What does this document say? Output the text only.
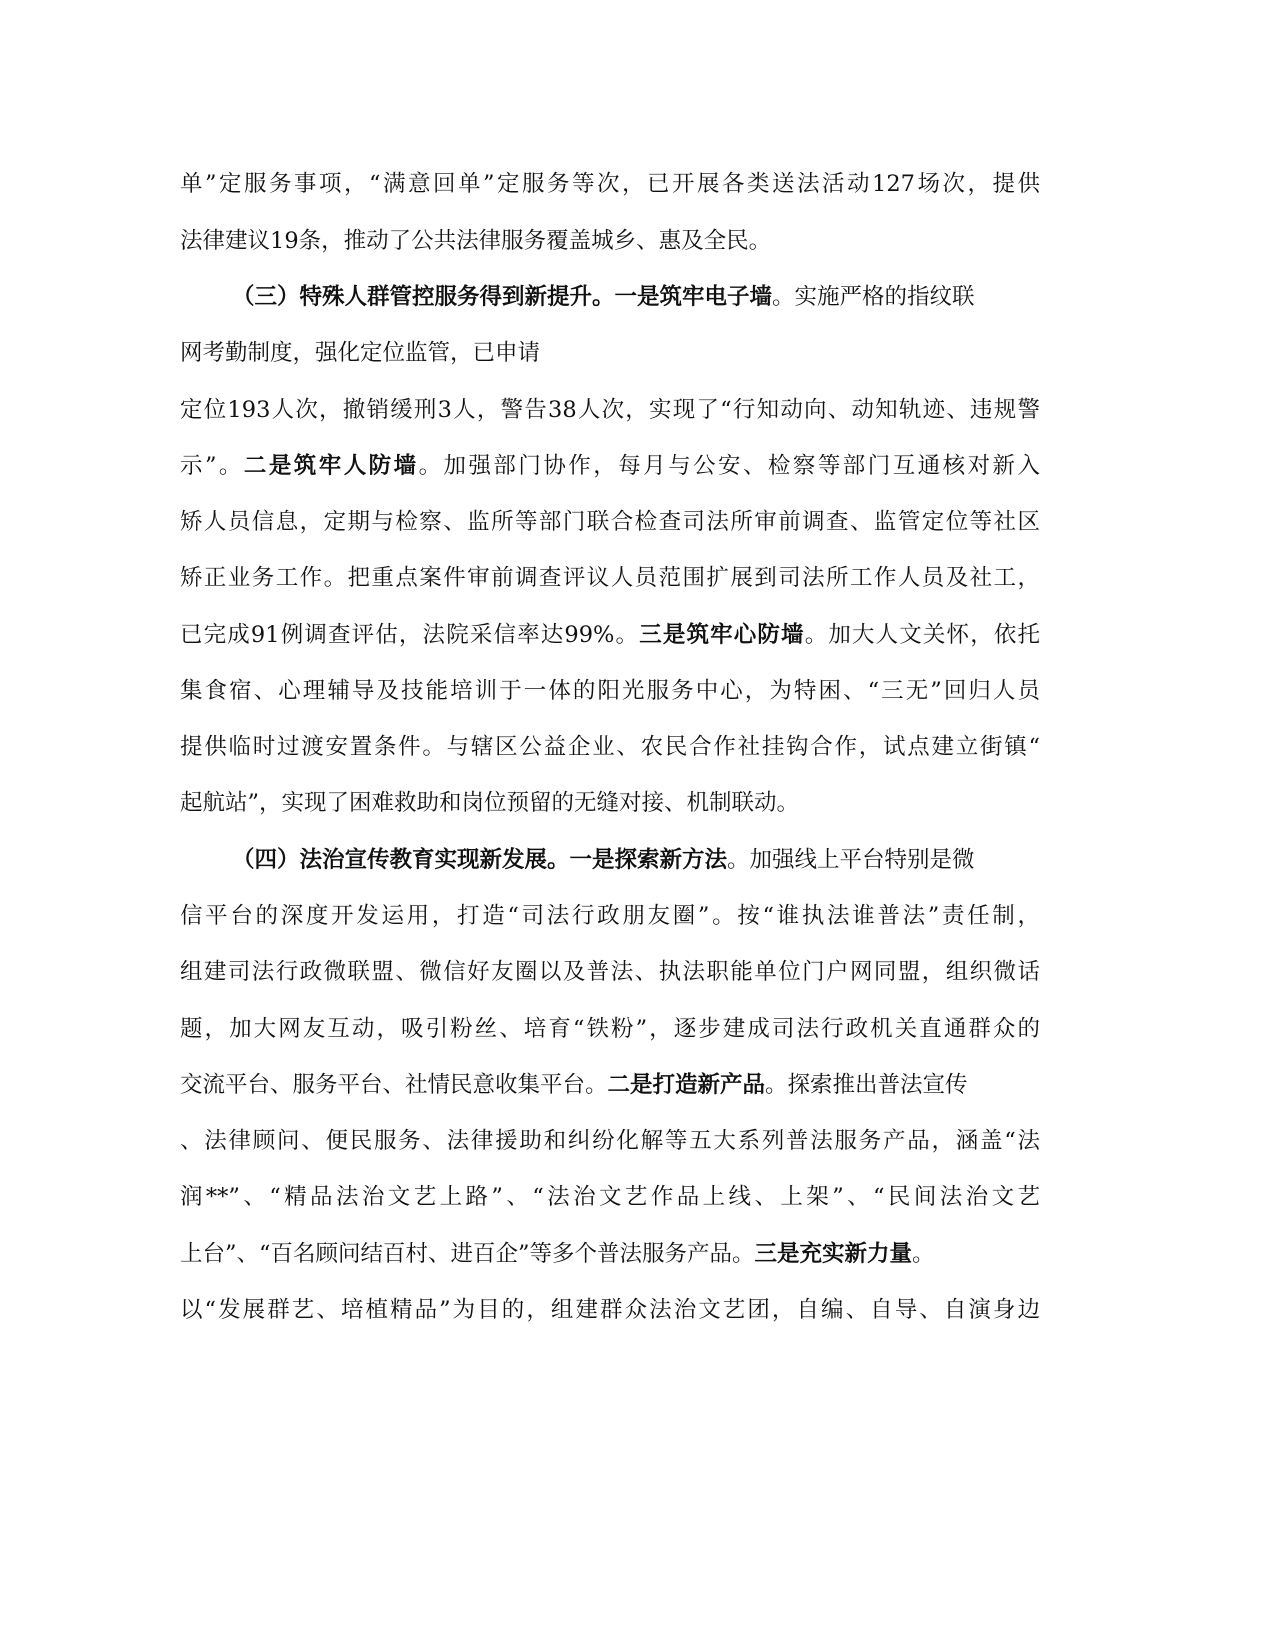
单”定服务事项，“满意回单”定服务等次，已开展各类送法活动127场次，提供
法律建议19条，推动了公共法律服务覆盖城乡、惠及全民。
（三）特殊人群管控服务得到新提升。一是筑牢电子墙。实施严格的指纹联
网考勤制度，强化定位监管，已申请
定位193人次，撤销缓刑3人，警告38人次，实现了“行知动向、动知轨迹、违规警
示”。二是筑牢人防墙。加强部门协作，每月与公安、检察等部门互通核对新入
矫人员信息，定期与检察、监所等部门联合检查司法所审前调查、监管定位等社区
矫正业务工作。把重点案件审前调查评议人员范围扩展到司法所工作人员及社工，
已完成91例调查评估，法院采信率达99%。三是筑牢心防墙。加大人文关怀，依托
集食宿、心理辅导及技能培训于一体的阳光服务中心，为特困、“三无”回归人员
提供临时过渡安置条件。与辖区公益企业、农民合作社挂钩合作，试点建立街镇“
起航站”，实现了困难救助和岗位预留的无缝对接、机制联动。
（四）法治宣传教育实现新发展。一是探索新方法。加强线上平台特别是微
信平台的深度开发运用，打造“司法行政朋友圈”。按“谁执法谁普法”责任制，
组建司法行政微联盟、微信好友圈以及普法、执法职能单位门户网同盟，组织微话
题，加大网友互动，吸引粉丝、培育“铁粉”，逐步建成司法行政机关直通群众的
交流平台、服务平台、社情民意收集平台。二是打造新产品。探索推出普法宣传
、法律顾问、便民服务、法律援助和纠纷化解等五大系列普法服务产品，涵盖“法
润**”、“精品法治文艺上路”、“法治文艺作品上线、上架”、“民间法治文艺
上台”、“百名顾问结百村、进百企”等多个普法服务产品。三是充实新力量。
以“发展群艺、培植精品”为目的，组建群众法治文艺团，自编、自导、自演身边
